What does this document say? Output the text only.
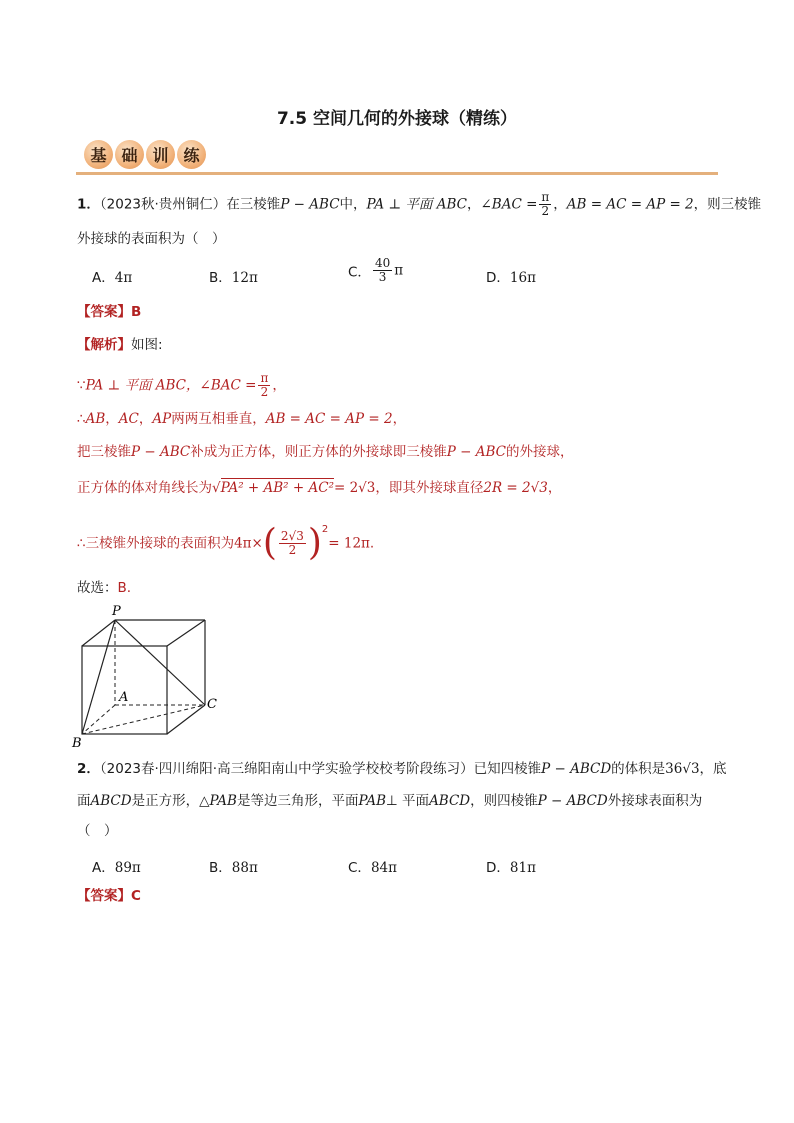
7.5 空间几何的外接球（精练）
基 础 训 练
1．（2023秋·贵州铜仁）在三棱锥P − ABC中，PA ⊥ 平面 ABC，∠BAC = $\frac{\pi}{2}$ ，AB = AC = AP = 2，则三棱锥
外接球的表面积为（　）
A．4π	B．12π	C． $\frac{40}{3}$ π	D．16π
【答案】B
【解析】如图:
∵PA ⊥ 平面 ABC，∠BAC = $\frac{\pi}{2}$ ，
∴AB，AC，AP两两互相垂直，AB = AC = AP = 2，
把三棱锥P − ABC补成为正方体，则正方体的外接球即三棱锥P − ABC的外接球，
正方体的体对角线长为√PA² + AB² + AC²= 2√3，即其外接球直径2R = 2√3，
∴三棱锥外接球的表面积为$4\pi\times( \frac{2√3}{2} )^2= 12\pi$.
故选：B.
P
A	C
B
2．（2023春·四川绵阳·高三绵阳南山中学实验学校校考阶段练习）已知四棱锥P − ABCD的体积是36√3，底
面ABCD是正方形，△PAB是等边三角形，平面PAB⊥ 平面ABCD，则四棱锥P − ABCD外接球表面积为
（　）
A．89π	B．88π	C．84π	D．81π
【答案】C
